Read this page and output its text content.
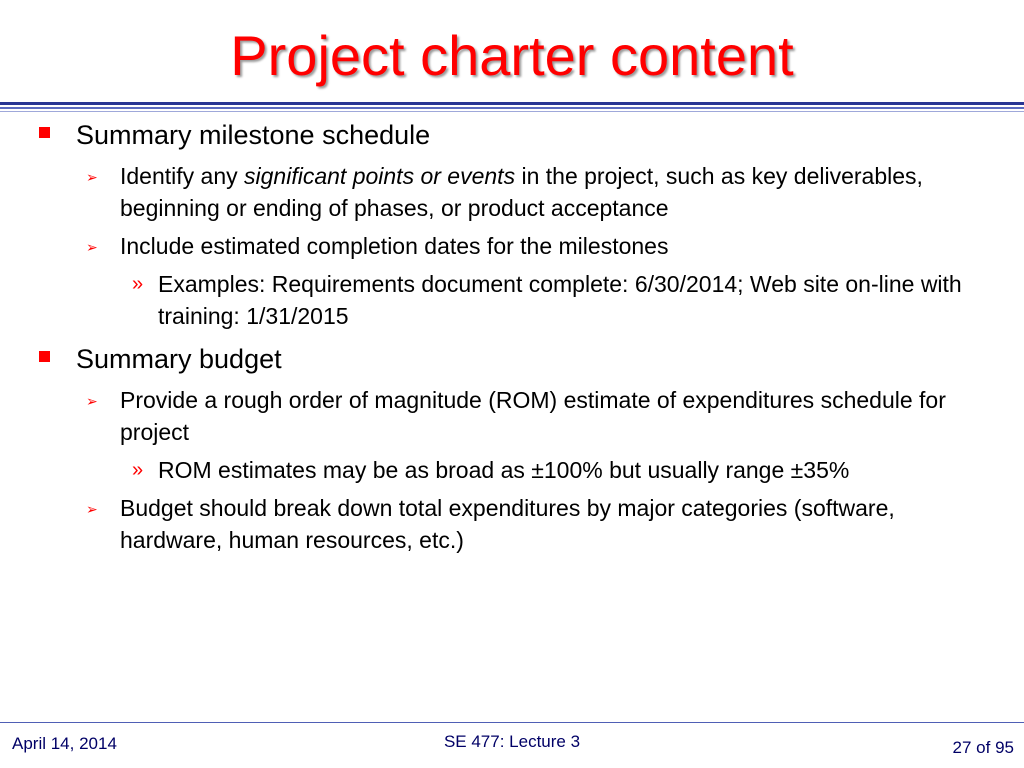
Project charter content
Summary milestone schedule
➢ Identify any significant points or events in the project, such as key deliverables, beginning or ending of phases, or product acceptance
➢ Include estimated completion dates for the milestones
» Examples: Requirements document complete: 6/30/2014; Web site on-line with training: 1/31/2015
Summary budget
➢ Provide a rough order of magnitude (ROM) estimate of expenditures schedule for project
» ROM estimates may be as broad as ±100% but usually range ±35%
➢ Budget should break down total expenditures by major categories (software, hardware, human resources, etc.)
April 14, 2014	SE 477: Lecture 3	27 of 95
